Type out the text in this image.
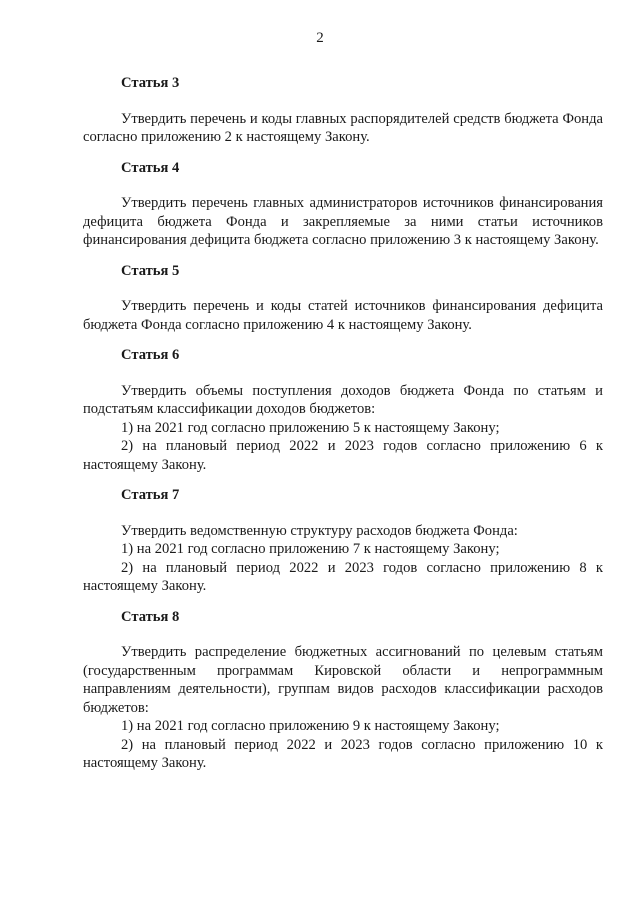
2
Статья 3

Утвердить перечень и коды главных распорядителей средств бюджета Фонда согласно приложению 2 к настоящему Закону.

Статья 4

Утвердить перечень главных администраторов источников финансирования дефицита бюджета Фонда и закрепляемые за ними статьи источников финансирования дефицита бюджета согласно приложению 3 к настоящему Закону.

Статья 5

Утвердить перечень и коды статей источников финансирования дефицита бюджета Фонда согласно приложению 4 к настоящему Закону.

Статья 6

Утвердить объемы поступления доходов бюджета Фонда по статьям и подстатьям классификации доходов бюджетов:

1) на 2021 год согласно приложению 5 к настоящему Закону;

2) на плановый период 2022 и 2023 годов согласно приложению 6 к настоящему Закону.

Статья 7

Утвердить ведомственную структуру расходов бюджета Фонда:

1) на 2021 год согласно приложению 7 к настоящему Закону;

2) на плановый период 2022 и 2023 годов согласно приложению 8 к настоящему Закону.

Статья 8

Утвердить распределение бюджетных ассигнований по целевым статьям (государственным программам Кировской области и непрограммным направлениям деятельности), группам видов расходов классификации расходов бюджетов:

1) на 2021 год согласно приложению 9 к настоящему Закону;

2) на плановый период 2022 и 2023 годов согласно приложению 10 к настоящему Закону.
